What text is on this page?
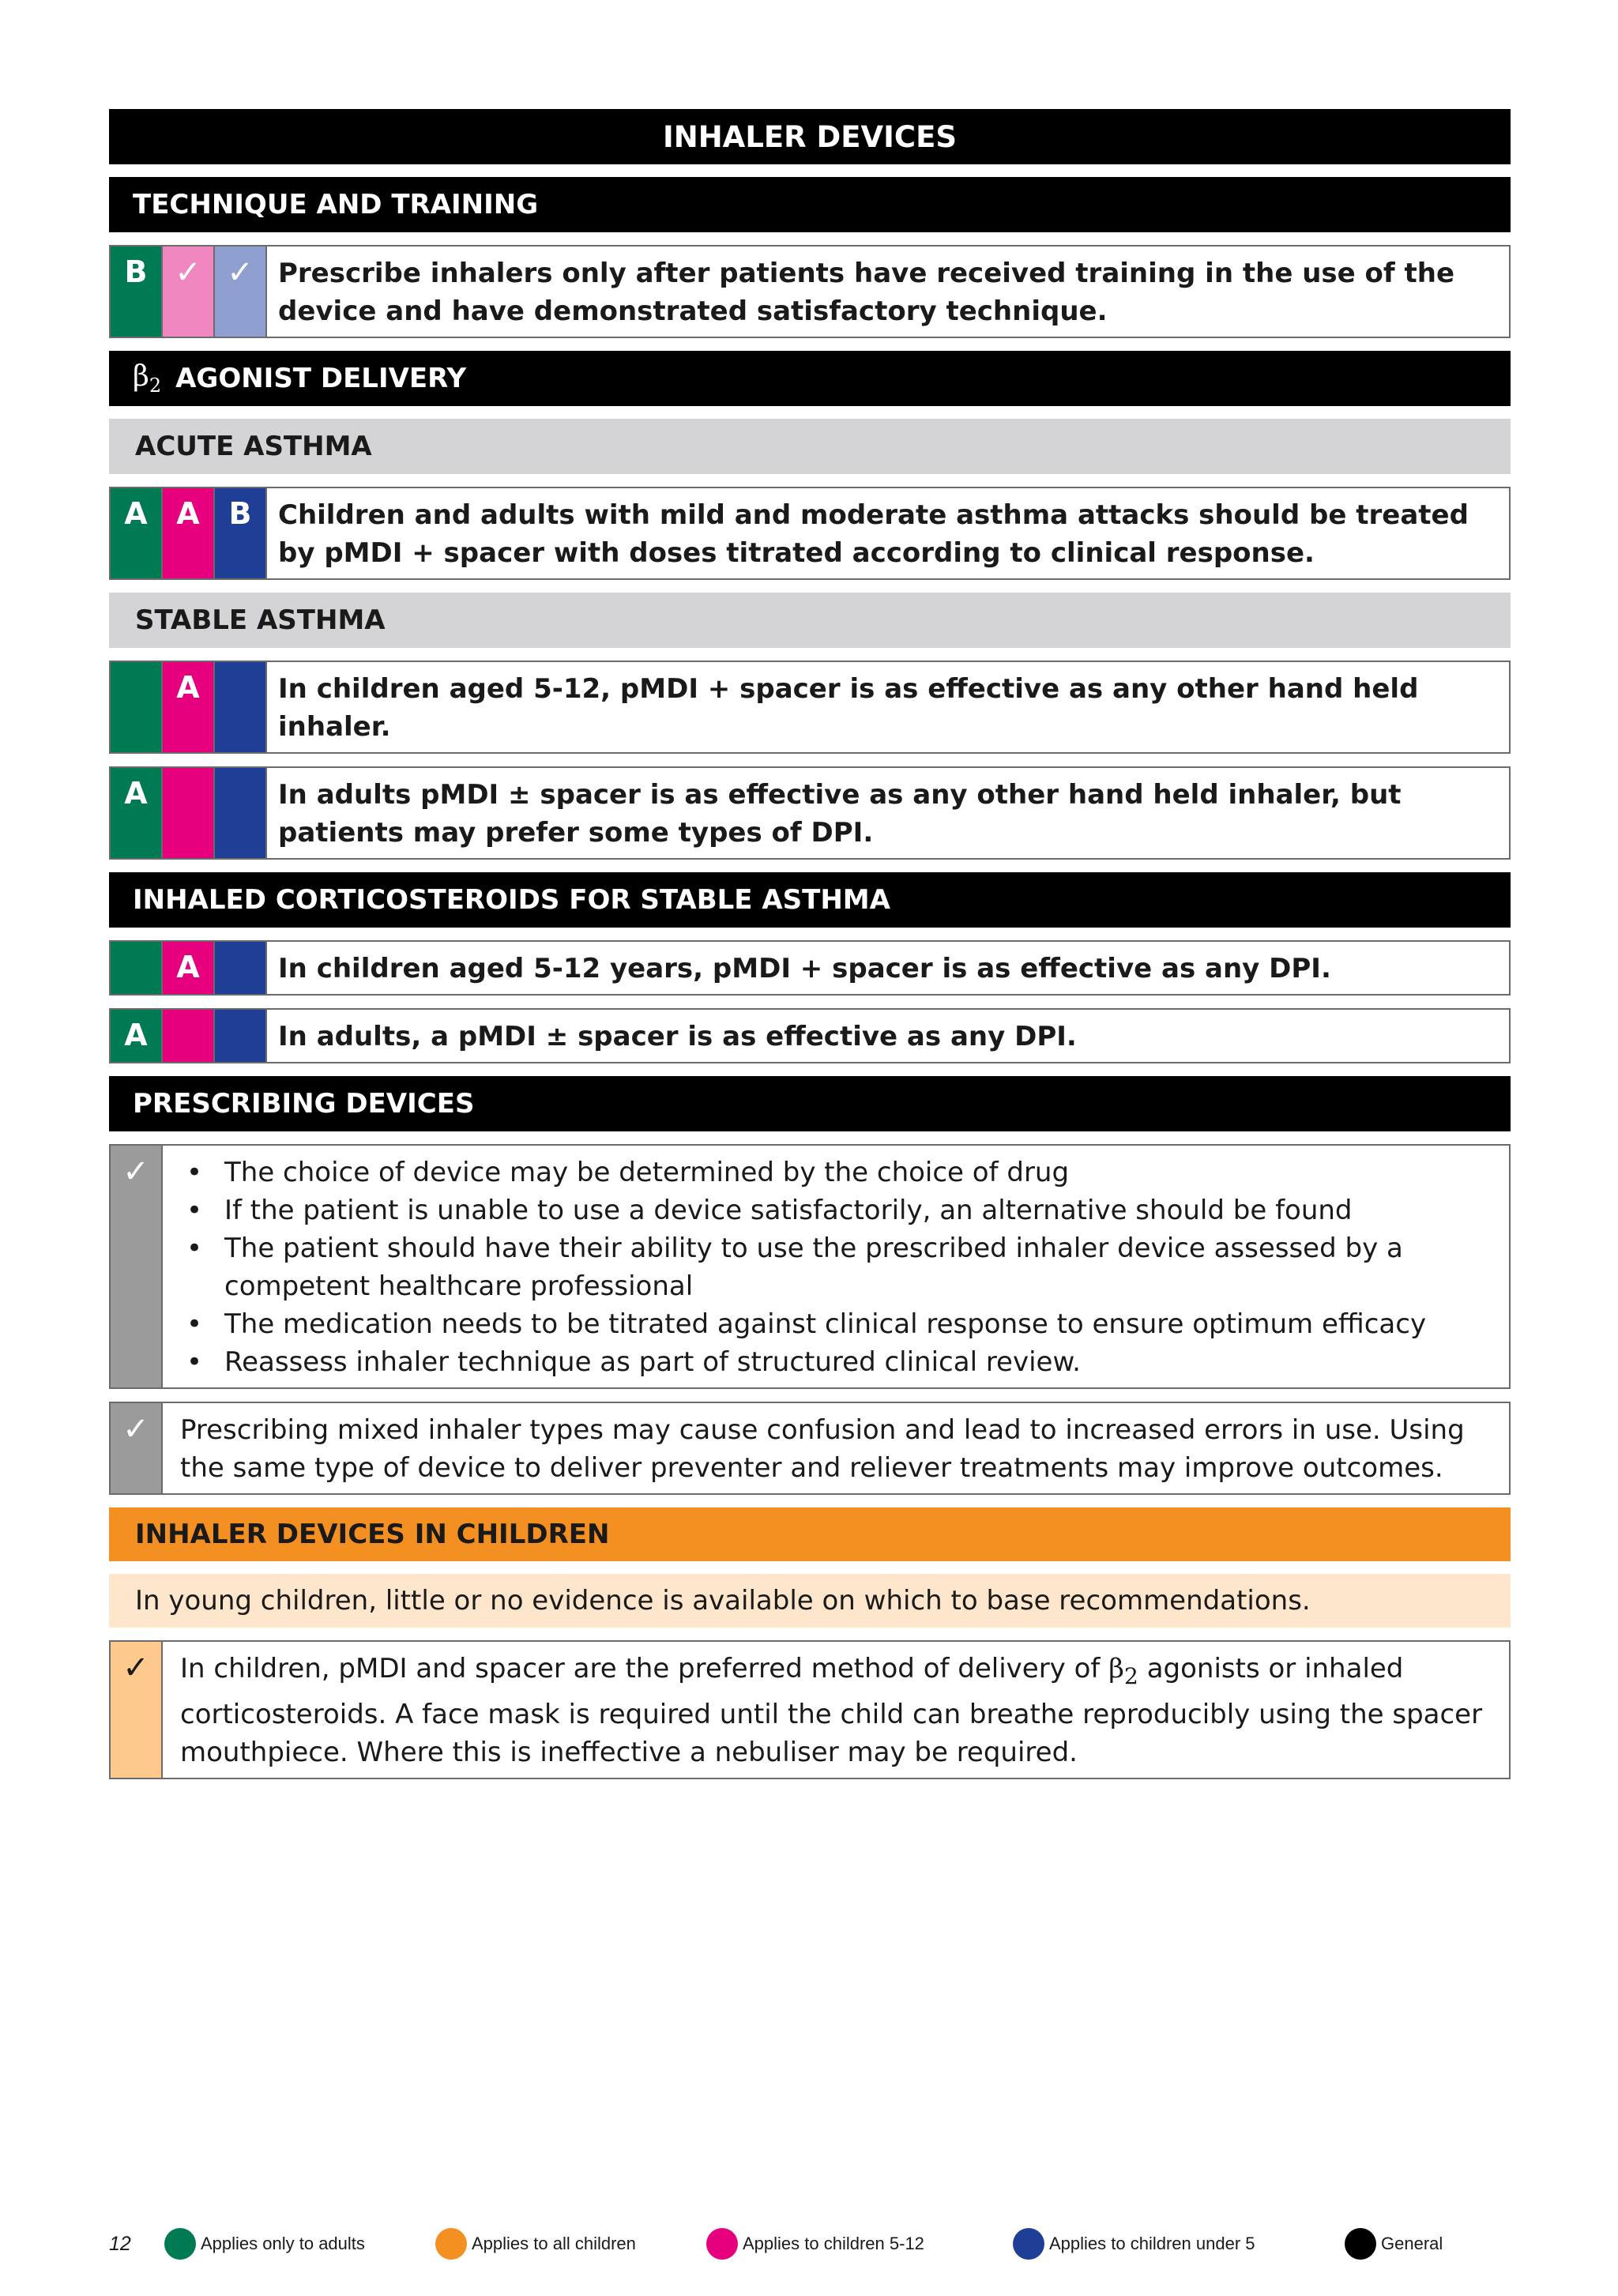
INHALER DEVICES
TECHNIQUE AND TRAINING
B ✓ ✓ Prescribe inhalers only after patients have received training in the use of the device and have demonstrated satisfactory technique.
$\beta_2$ AGONIST DELIVERY
ACUTE ASTHMA
A A B Children and adults with mild and moderate asthma attacks should be treated by pMDI + spacer with doses titrated according to clinical response.
STABLE ASTHMA
A	In children aged 5-12, pMDI + spacer is as effective as any other hand held inhaler.
A	In adults pMDI ± spacer is as effective as any other hand held inhaler, but patients may prefer some types of DPI.
INHALED CORTICOSTEROIDS FOR STABLE ASTHMA
A	In children aged 5-12 years, pMDI + spacer is as effective as any DPI.
A	In adults, a pMDI ± spacer is as effective as any DPI.
PRESCRIBING DEVICES
✓
•	The choice of device may be determined by the choice of drug
• If the patient is unable to use a device satisfactorily, an alternative should be found
• The patient should have their ability to use the prescribed inhaler device assessed by a competent healthcare professional
• The medication needs to be titrated against clinical response to ensure optimum efficacy
• Reassess inhaler technique as part of structured clinical review.
✓	Prescribing mixed inhaler types may cause confusion and lead to increased errors in use. Using the same type of device to deliver preventer and reliever treatments may improve outcomes.
INHALER DEVICES IN CHILDREN
In young children, little or no evidence is available on which to base recommendations.
✓	In children, pMDI and spacer are the preferred method of delivery of $\beta_2$ agonists or inhaled corticosteroids. A face mask is required until the child can breathe reproducibly using the spacer mouthpiece. Where this is ineffective a nebuliser may be required.
12	Applies only to adults	Applies to all children	Applies to children 5-12	Applies to children under 5	General
